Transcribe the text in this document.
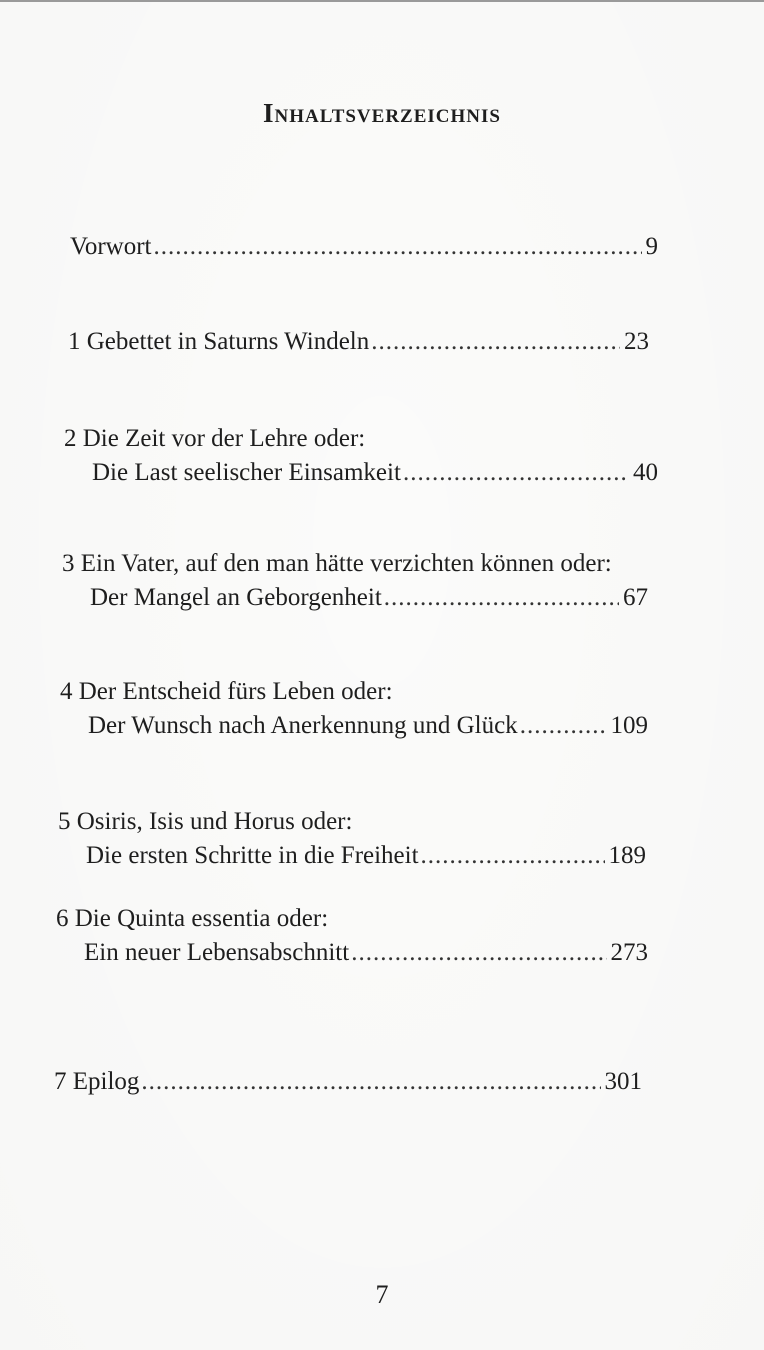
Inhaltsverzeichnis
Vorwort .....	9
1 Gebettet in Saturns Windeln .....	23
2 Die Zeit vor der Lehre oder:
Die Last seelischer Einsamkeit .....	40
3 Ein Vater, auf den man hätte verzichten können oder:
Der Mangel an Geborgenheit .....	67
4 Der Entscheid fürs Leben oder:
Der Wunsch nach Anerkennung und Glück .....	109
5 Osiris, Isis und Horus oder:
Die ersten Schritte in die Freiheit .....	189
6 Die Quinta essentia oder:
Ein neuer Lebensabschnitt .....	273
7 Epilog .....	301
7
